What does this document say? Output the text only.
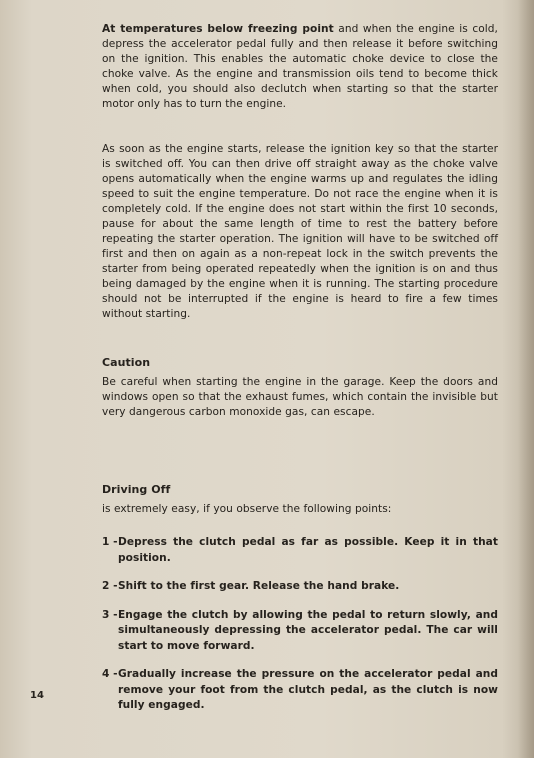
At temperatures below freezing point and when the engine is cold, depress the accelerator pedal fully and then release it before switching on the ignition. This enables the automatic choke device to close the choke valve. As the engine and transmission oils tend to become thick when cold, you should also declutch when starting so that the starter motor only has to turn the engine.

As soon as the engine starts, release the ignition key so that the starter is switched off. You can then drive off straight away as the choke valve opens automatically when the engine warms up and regulates the idling speed to suit the engine temperature. Do not race the engine when it is completely cold. If the engine does not start within the first 10 seconds, pause for about the same length of time to rest the battery before repeating the starter operation. The ignition will have to be switched off first and then on again as a non-repeat lock in the switch prevents the starter from being operated repeatedly when the ignition is on and thus being damaged by the engine when it is running. The starting procedure should not be interrupted if the engine is heard to fire a few times without starting.

Caution

Be careful when starting the engine in the garage. Keep the doors and windows open so that the exhaust fumes, which contain the invisible but very dangerous carbon monoxide gas, can escape.

Driving Off

is extremely easy, if you observe the following points:

1 - Depress the clutch pedal as far as possible. Keep it in that position.
2 - Shift to the first gear. Release the hand brake.
3 - Engage the clutch by allowing the pedal to return slowly, and simultaneously depressing the accelerator pedal. The car will start to move forward.
4 - Gradually increase the pressure on the accelerator pedal and remove your foot from the clutch pedal, as the clutch is now fully engaged.
14
